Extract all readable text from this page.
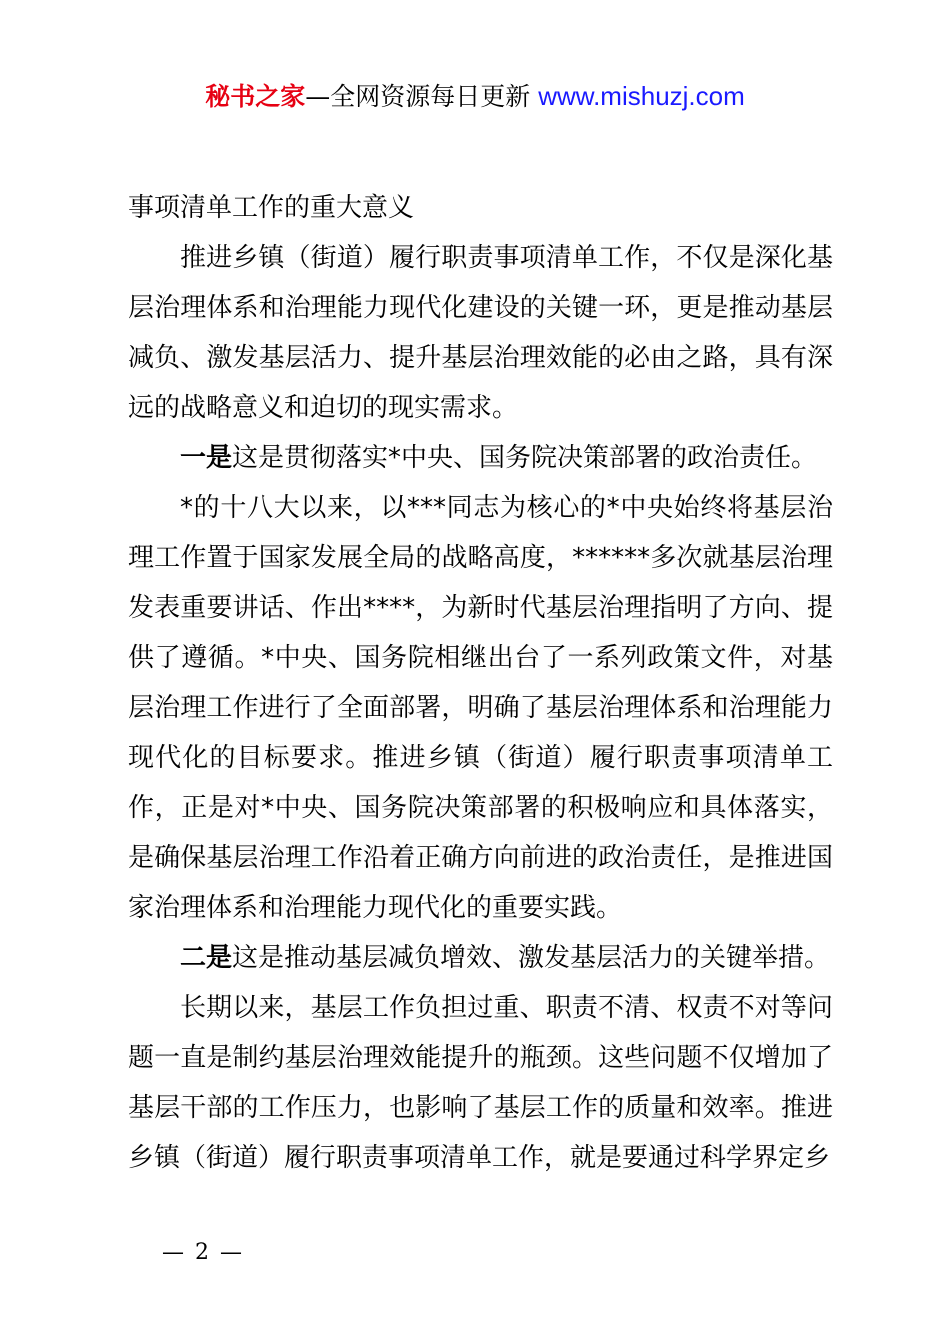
秘书之家—全网资源每日更新 www.mishuzj.com

事项清单工作的重大意义

推进乡镇（街道）履行职责事项清单工作，不仅是深化基层治理体系和治理能力现代化建设的关键一环，更是推动基层减负、激发基层活力、提升基层治理效能的必由之路，具有深远的战略意义和迫切的现实需求。

一是这是贯彻落实*中央、国务院决策部署的政治责任。

*的十八大以来，以***同志为核心的*中央始终将基层治理工作置于国家发展全局的战略高度，******多次就基层治理发表重要讲话、作出****，为新时代基层治理指明了方向、提供了遵循。*中央、国务院相继出台了一系列政策文件，对基层治理工作进行了全面部署，明确了基层治理体系和治理能力现代化的目标要求。推进乡镇（街道）履行职责事项清单工作，正是对*中央、国务院决策部署的积极响应和具体落实，是确保基层治理工作沿着正确方向前进的政治责任，是推进国家治理体系和治理能力现代化的重要实践。

二是这是推动基层减负增效、激发基层活力的关键举措。

长期以来，基层工作负担过重、职责不清、权责不对等问题一直是制约基层治理效能提升的瓶颈。这些问题不仅增加了基层干部的工作压力，也影响了基层工作的质量和效率。推进乡镇（街道）履行职责事项清单工作，就是要通过科学界定乡

— 2 —
